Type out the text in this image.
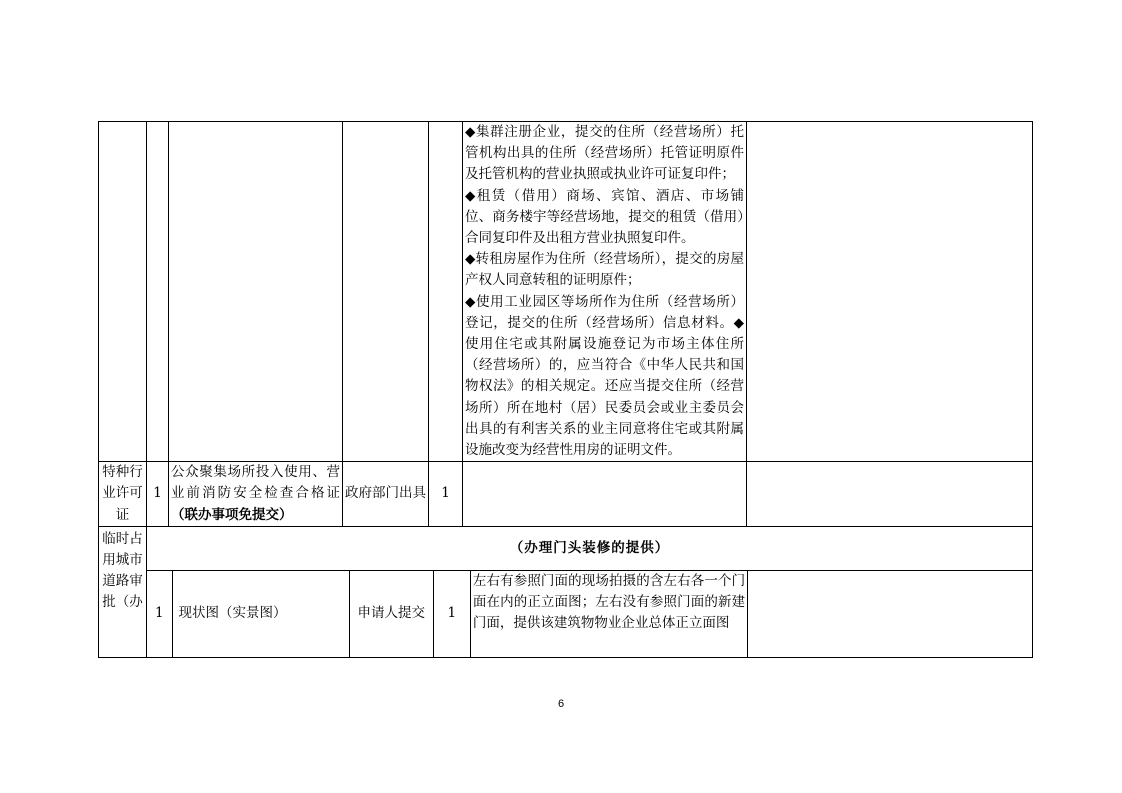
◆集群注册企业，提交的住所（经营场所）托管机构出具的住所（经营场所）托管证明原件及托管机构的营业执照或执业许可证复印件；
◆租赁（借用）商场、宾馆、酒店、市场铺位、商务楼宇等经营场地，提交的租赁（借用）合同复印件及出租方营业执照复印件。
◆转租房屋作为住所（经营场所），提交的房屋产权人同意转租的证明原件；
◆使用工业园区等场所作为住所（经营场所）登记，提交的住所（经营场所）信息材料。◆使用住宅或其附属设施登记为市场主体住所（经营场所）的，应当符合《中华人民共和国物权法》的相关规定。还应当提交住所（经营场所）所在地村（居）民委员会或业主委员会出具的有利害关系的业主同意将住宅或其附属设施改变为经营性用房的证明文件。

特种行业许可证	1	公众聚集场所投入使用、营业前消防安全检查合格证（联办事项免提交）	政府部门出具	1		
临时占用城市道路审批（办	（办理门头装修的提供）

1	现状图（实景图）	申请人提交	1	左右有参照门面的现场拍摄的含左右各一个门面在内的正立面图；左右没有参照门面的新建门面，提供该建筑物物业企业总体正立面图	
6
